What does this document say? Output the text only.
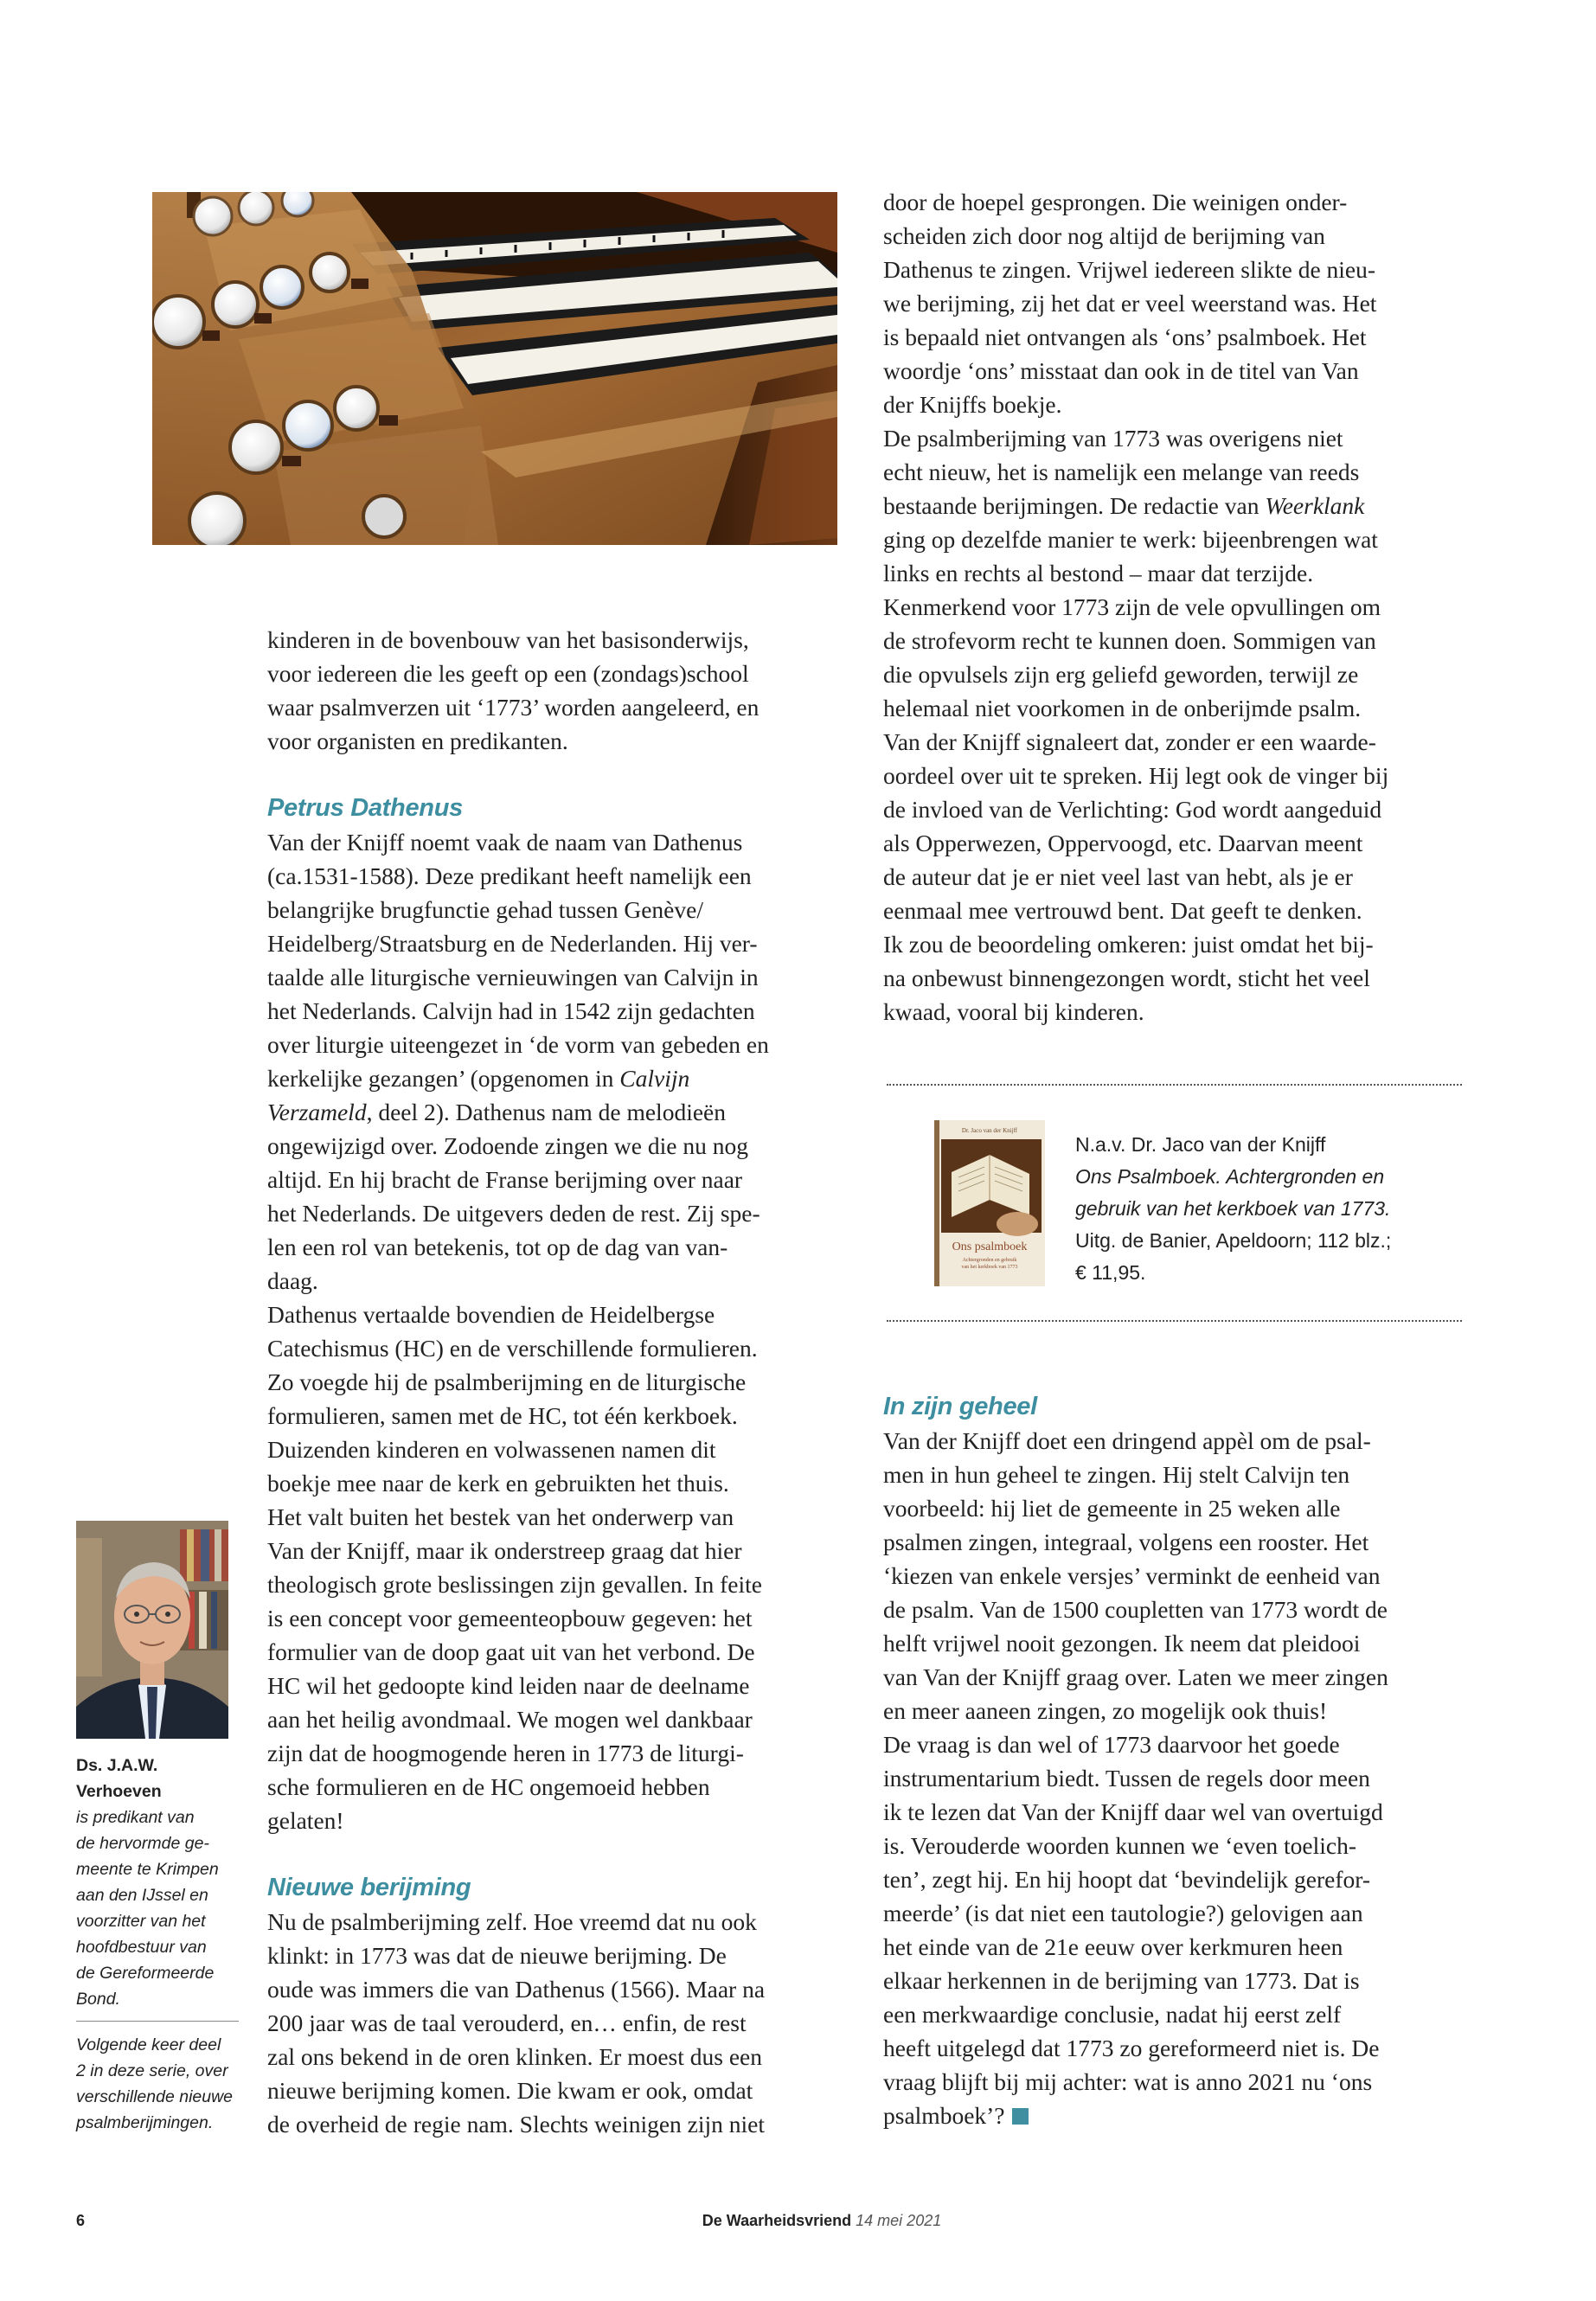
kinderen in de bovenbouw van het basisonderwijs,

voor iedereen die les geeft op een (zondags)school

waar psalmverzen uit ‘1773’ worden aangeleerd, en

voor organisten en predikanten.

Petrus Dathenus

Van der Knijff noemt vaak de naam van Dathenus

(ca.1531-1588). Deze predikant heeft namelijk een

belangrijke brugfunctie gehad tussen Genève/

Heidelberg/Straatsburg en de Nederlanden. Hij ver-

taalde alle liturgische vernieuwingen van Calvijn in

het Nederlands. Calvijn had in 1542 zijn gedachten

over liturgie uiteengezet in ‘de vorm van gebeden en

kerkelijke gezangen’ (opgenomen in Calvijn

Verzameld, deel 2). Dathenus nam de melodieën

ongewijzigd over. Zodoende zingen we die nu nog

altijd. En hij bracht de Franse berijming over naar

het Nederlands. De uitgevers deden de rest. Zij spe-

len een rol van betekenis, tot op de dag van van-

daag.

Dathenus vertaalde bovendien de Heidelbergse

Catechismus (HC) en de verschillende formulieren.

Zo voegde hij de psalmberijming en de liturgische

formulieren, samen met de HC, tot één kerkboek.

Duizenden kinderen en volwassenen namen dit

boekje mee naar de kerk en gebruikten het thuis.

Het valt buiten het bestek van het onderwerp van

Van der Knijff, maar ik onderstreep graag dat hier

theologisch grote beslissingen zijn gevallen. In feite

is een concept voor gemeenteopbouw gegeven: het

formulier van de doop gaat uit van het verbond. De

HC wil het gedoopte kind leiden naar de deelname

aan het heilig avondmaal. We mogen wel dankbaar

zijn dat de hoogmogende heren in 1773 de liturgi-

sche formulieren en de HC ongemoeid hebben

gelaten!

Nieuwe berijming

Nu de psalmberijming zelf. Hoe vreemd dat nu ook

klinkt: in 1773 was dat de nieuwe berijming. De

oude was immers die van Dathenus (1566). Maar na

200 jaar was de taal verouderd, en… enfin, de rest

zal ons bekend in de oren klinken. Er moest dus een

nieuwe berijming komen. Die kwam er ook, omdat

de overheid de regie nam. Slechts weinigen zijn niet

door de hoepel gesprongen. Die weinigen onder-

scheiden zich door nog altijd de berijming van

Dathenus te zingen. Vrijwel iedereen slikte de nieu-

we berijming, zij het dat er veel weerstand was. Het

is bepaald niet ontvangen als ‘ons’ psalmboek. Het

woordje ‘ons’ misstaat dan ook in de titel van Van

der Knijffs boekje.

De psalmberijming van 1773 was overigens niet

echt nieuw, het is namelijk een melange van reeds

bestaande berijmingen. De redactie van Weerklank

ging op dezelfde manier te werk: bijeenbrengen wat

links en rechts al bestond – maar dat terzijde.

Kenmerkend voor 1773 zijn de vele opvullingen om

de strofevorm recht te kunnen doen. Sommigen van

die opvulsels zijn erg geliefd geworden, terwijl ze

helemaal niet voorkomen in de onberijmde psalm.

Van der Knijff signaleert dat, zonder er een waarde-

oordeel over uit te spreken. Hij legt ook de vinger bij

de invloed van de Verlichting: God wordt aangeduid

als Opperwezen, Oppervoogd, etc. Daarvan meent

de auteur dat je er niet veel last van hebt, als je er

eenmaal mee vertrouwd bent. Dat geeft te denken.

Ik zou de beoordeling omkeren: juist omdat het bij-

na onbewust binnengezongen wordt, sticht het veel

kwaad, vooral bij kinderen.

In zijn geheel

Van der Knijff doet een dringend appèl om de psal-

men in hun geheel te zingen. Hij stelt Calvijn ten

voorbeeld: hij liet de gemeente in 25 weken alle

psalmen zingen, integraal, volgens een rooster. Het

‘kiezen van enkele versjes’ verminkt de eenheid van

de psalm. Van de 1500 coupletten van 1773 wordt de

helft vrijwel nooit gezongen. Ik neem dat pleidooi

van Van der Knijff graag over. Laten we meer zingen

en meer aaneen zingen, zo mogelijk ook thuis!

De vraag is dan wel of 1773 daarvoor het goede

instrumentarium biedt. Tussen de regels door meen

ik te lezen dat Van der Knijff daar wel van overtuigd

is. Verouderde woorden kunnen we ‘even toelich-

ten’, zegt hij. En hij hoopt dat ‘bevindelijk gerefor-

meerde’ (is dat niet een tautologie?) gelovigen aan

het einde van de 21e eeuw over kerkmuren heen

elkaar herkennen in de berijming van 1773. Dat is

een merkwaardige conclusie, nadat hij eerst zelf

heeft uitgelegd dat 1773 zo gereformeerd niet is. De

vraag blijft bij mij achter: wat is anno 2021 nu ‘ons

psalmboek’?

Dr. Jaco van der Knijff
Ons psalmboek
Achtergronden en gebruik
van het kerkboek van 1773
N.a.v. Dr. Jaco van der Knijff
Ons Psalmboek. Achtergronden en
gebruik van het kerkboek van 1773.
Uitg. de Banier, Apeldoorn; 112 blz.;
€ 11,95.
Ds. J.A.W. Verhoeven
is predikant van
de hervormde ge-
meente te Krimpen
aan den IJssel en
voorzitter van het
hoofdbestuur van
de Gereformeerde
Bond.
Volgende keer deel
2 in deze serie, over
verschillende nieuwe
psalmberijmingen.
6	De Waarheidsvriend 14 mei 2021
